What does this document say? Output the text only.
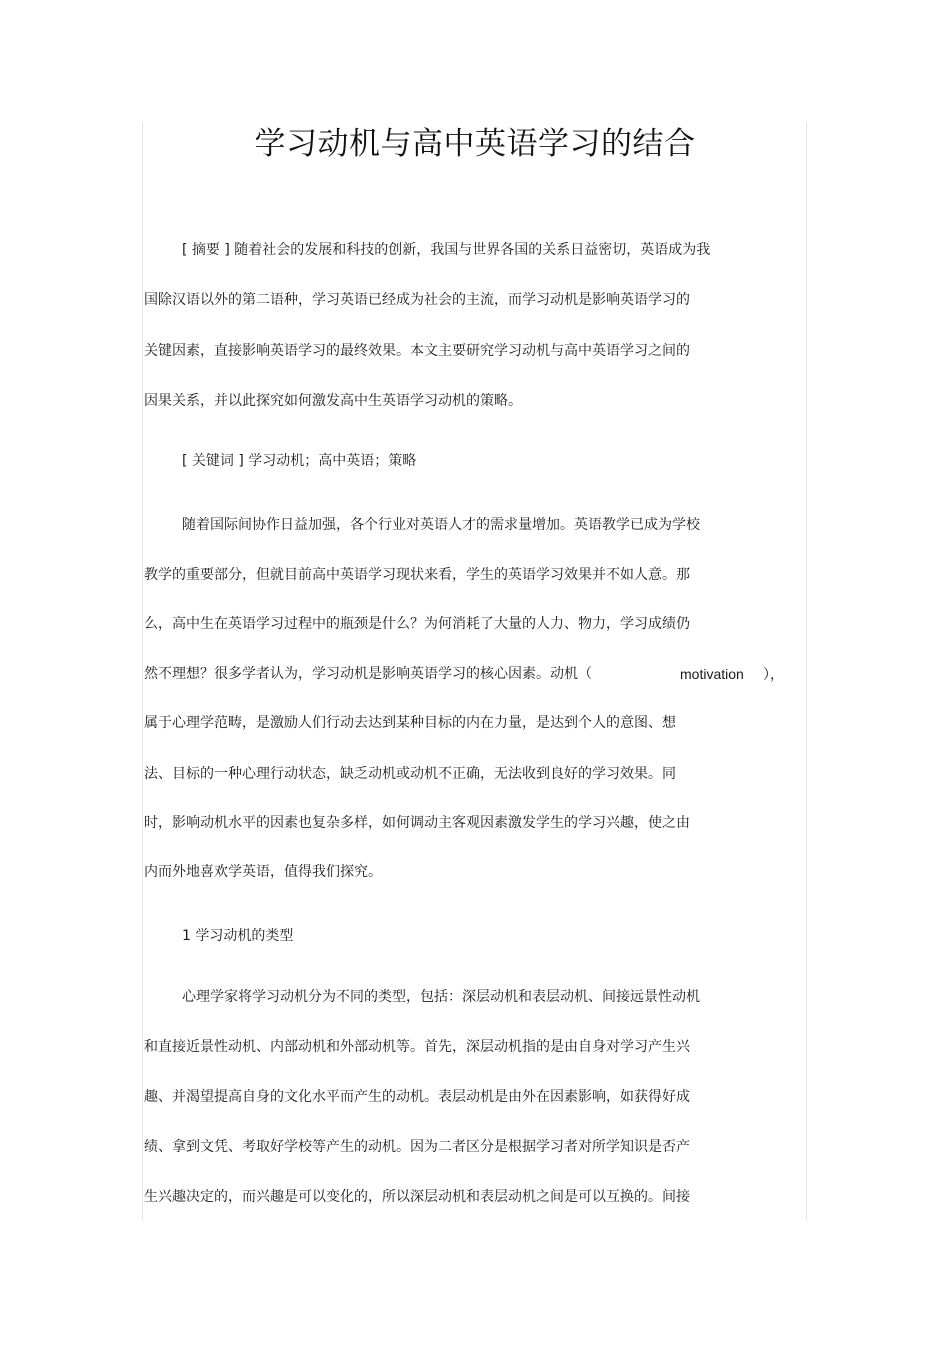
学习动机与高中英语学习的结合
[ 摘要 ] 随着社会的发展和科技的创新，我国与世界各国的关系日益密切，英语成为我
国除汉语以外的第二语种，学习英语已经成为社会的主流，而学习动机是影响英语学习的
关键因素，直接影响英语学习的最终效果。本文主要研究学习动机与高中英语学习之间的
因果关系，并以此探究如何激发高中生英语学习动机的策略。
[ 关键词 ] 学习动机；高中英语；策略
随着国际间协作日益加强，各个行业对英语人才的需求量增加。英语教学已成为学校
教学的重要部分，但就目前高中英语学习现状来看，学生的英语学习效果并不如人意。那
么，高中生在英语学习过程中的瓶颈是什么？为何消耗了大量的人力、物力，学习成绩仍
然不理想？很多学者认为，学习动机是影响英语学习的核心因素。动机（	motivation ），
属于心理学范畴，是激励人们行动去达到某种目标的内在力量，是达到个人的意图、想
法、目标的一种心理行动状态，缺乏动机或动机不正确，无法收到良好的学习效果。同
时，影响动机水平的因素也复杂多样，如何调动主客观因素激发学生的学习兴趣，使之由
内而外地喜欢学英语，值得我们探究。
1 学习动机的类型
心理学家将学习动机分为不同的类型，包括：深层动机和表层动机、间接远景性动机
和直接近景性动机、内部动机和外部动机等。首先，深层动机指的是由自身对学习产生兴
趣、并渴望提高自身的文化水平而产生的动机。表层动机是由外在因素影响，如获得好成
绩、拿到文凭、考取好学校等产生的动机。因为二者区分是根据学习者对所学知识是否产
生兴趣决定的，而兴趣是可以变化的，所以深层动机和表层动机之间是可以互换的。间接
